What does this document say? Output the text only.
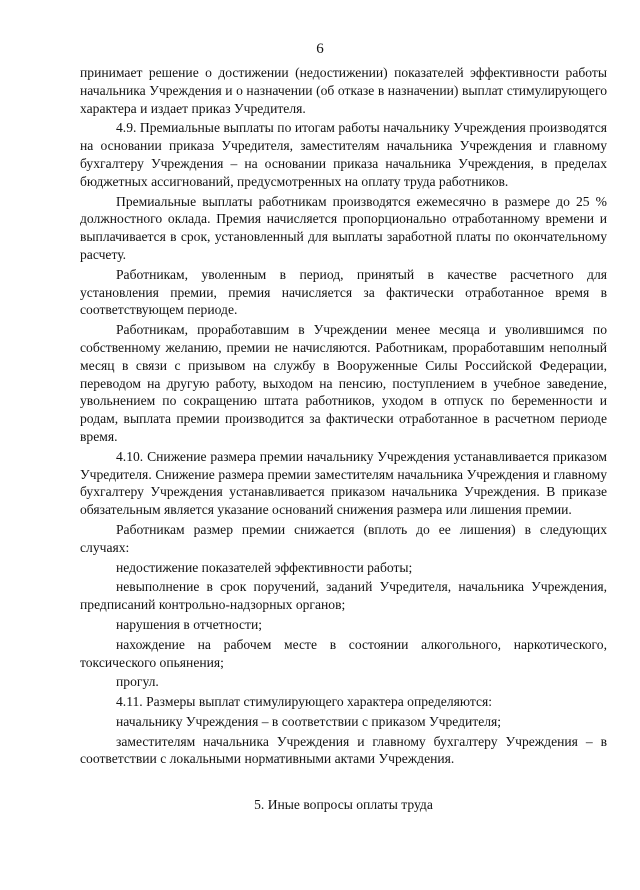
6

принимает решение о достижении (недостижении) показателей эффективности работы начальника Учреждения и о назначении (об отказе в назначении) выплат стимулирующего характера и издает приказ Учредителя.

4.9. Премиальные выплаты по итогам работы начальнику Учреждения производятся на основании приказа Учредителя, заместителям начальника Учреждения и главному бухгалтеру Учреждения – на основании приказа начальника Учреждения, в пределах бюджетных ассигнований, предусмотренных на оплату труда работников.

Премиальные выплаты работникам производятся ежемесячно в размере до 25 % должностного оклада. Премия начисляется пропорционально отработанному времени и выплачивается в срок, установленный для выплаты заработной платы по окончательному расчету.

Работникам, уволенным в период, принятый в качестве расчетного для установления премии, премия начисляется за фактически отработанное время в соответствующем периоде.

Работникам, проработавшим в Учреждении менее месяца и уволившимся по собственному желанию, премии не начисляются. Работникам, проработавшим неполный месяц в связи с призывом на службу в Вооруженные Силы Российской Федерации, переводом на другую работу, выходом на пенсию, поступлением в учебное заведение, увольнением по сокращению штата работников, уходом в отпуск по беременности и родам, выплата премии производится за фактически отработанное в расчетном периоде время.

4.10. Снижение размера премии начальнику Учреждения устанавливается приказом Учредителя. Снижение размера премии заместителям начальника Учреждения и главному бухгалтеру Учреждения устанавливается приказом начальника Учреждения. В приказе обязательным является указание оснований снижения размера или лишения премии.

Работникам размер премии снижается (вплоть до ее лишения) в следующих случаях:

недостижение показателей эффективности работы;

невыполнение в срок поручений, заданий Учредителя, начальника Учреждения, предписаний контрольно-надзорных органов;

нарушения в отчетности;

нахождение на рабочем месте в состоянии алкогольного, наркотического, токсического опьянения;

прогул.

4.11. Размеры выплат стимулирующего характера определяются:

начальнику Учреждения – в соответствии с приказом Учредителя;

заместителям начальника Учреждения и главному бухгалтеру Учреждения – в соответствии с локальными нормативными актами Учреждения.

5. Иные вопросы оплаты труда
